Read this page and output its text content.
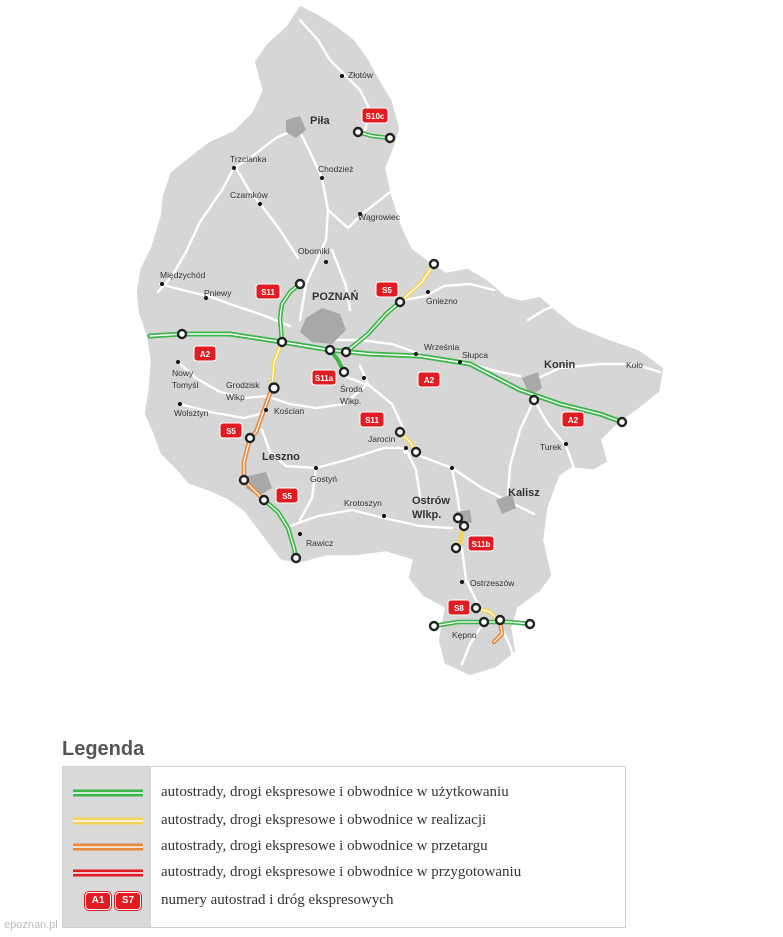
Piła
POZNAŃ
Leszno
Konin
Kalisz
Ostrów
Wlkp.
Złotów
Trzcianka
Chodzież
Czarnków
Wągrowiec
Oborniki
Międzychód
Pniewy
Gniezno
Września
Słupca
Koło
Nowy
Tomyśl	Grodzisk
Wlkp
Kościan
Wolsztyn
Środa
Wlkp.
Jarocin
Turek
Gostyń
Krotoszyn
Rawicz
Ostrzeszów
Kępno
S10c
S11	S5
A2
S11a	A2
A2
S11
S5
S5
S11b
S8
Legenda
autostrady, drogi ekspresowe i obwodnice w użytkowaniu
autostrady, drogi ekspresowe i obwodnice w realizacji
autostrady, drogi ekspresowe i obwodnice w przetargu
autostrady, drogi ekspresowe i obwodnice w przygotowaniu
A1	S7	numery autostrad i dróg ekspresowych
epoznan.pl
